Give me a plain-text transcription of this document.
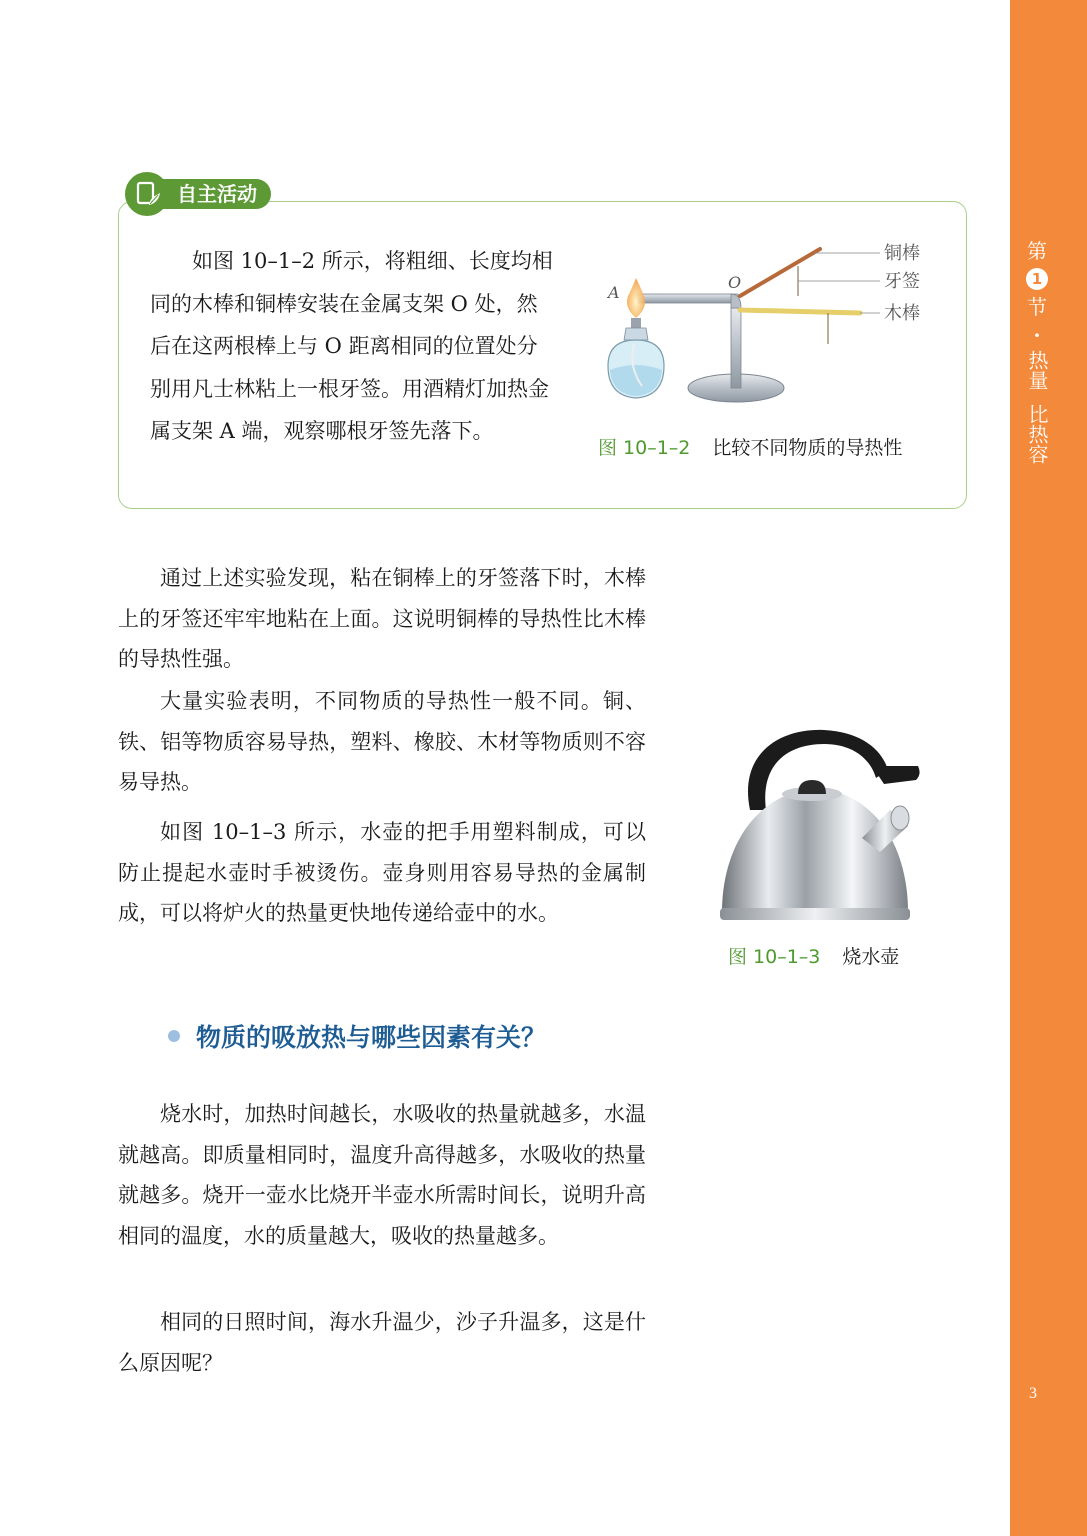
第
1
节
·
热量
比热容
3
自主活动

如图 10–1–2 所示，将粗细、长度均相同的木棒和铜棒安装在金属支架 O 处，然后在这两根棒上与 O 距离相同的位置处分别用凡士林粘上一根牙签。用酒精灯加热金属支架 A 端，观察哪根牙签先落下。

铜棒
牙签
木棒
A
O
图 10–1–2 比较不同物质的导热性

通过上述实验发现，粘在铜棒上的牙签落下时，木棒上的牙签还牢牢地粘在上面。这说明铜棒的导热性比木棒的导热性强。

大量实验表明，不同物质的导热性一般不同。铜、铁、铝等物质容易导热，塑料、橡胶、木材等物质则不容易导热。

如图 10–1–3 所示，水壶的把手用塑料制成，可以防止提起水壶时手被烫伤。壶身则用容易导热的金属制成，可以将炉火的热量更快地传递给壶中的水。

图 10–1–3 烧水壶
物质的吸放热与哪些因素有关？

烧水时，加热时间越长，水吸收的热量就越多，水温就越高。即质量相同时，温度升高得越多，水吸收的热量就越多。烧开一壶水比烧开半壶水所需时间长，说明升高相同的温度，水的质量越大，吸收的热量越多。

相同的日照时间，海水升温少，沙子升温多，这是什么原因呢？
